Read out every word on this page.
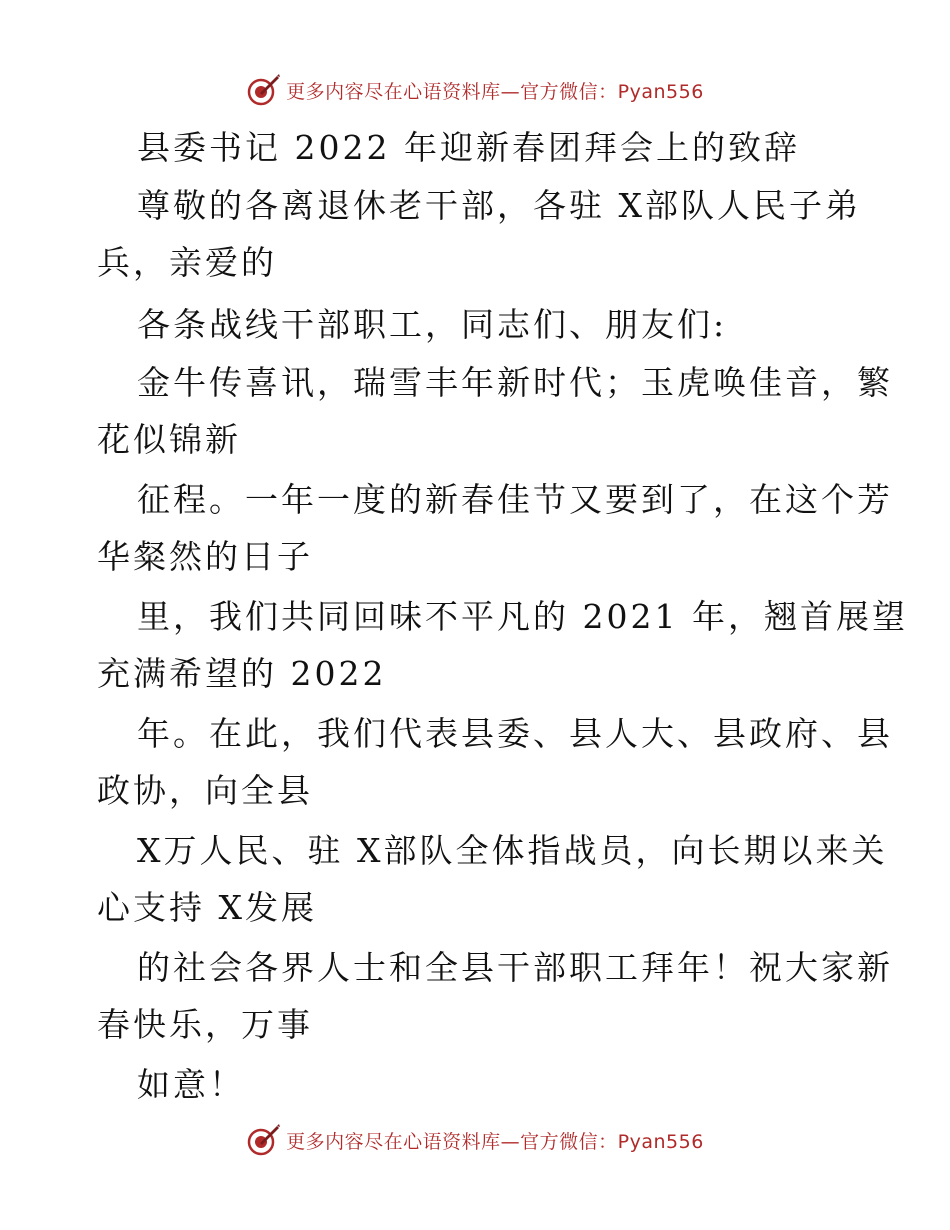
更多内容尽在心语资料库—官方微信：Pyan556
县委书记 2022 年迎新春团拜会上的致辞
尊敬的各离退休老干部，各驻 X部队人民子弟
兵，亲爱的
各条战线干部职工，同志们、朋友们:
金牛传喜讯，瑞雪丰年新时代；玉虎唤佳音，繁
花似锦新
征程。一年一度的新春佳节又要到了，在这个芳
华粲然的日子
里，我们共同回味不平凡的 2021 年，翘首展望
充满希望的 2022
年。在此，我们代表县委、县人大、县政府、县
政协，向全县
X万人民、驻 X部队全体指战员，向长期以来关
心支持 X发展
的社会各界人士和全县干部职工拜年！祝大家新
春快乐，万事
如意！
更多内容尽在心语资料库—官方微信：Pyan556
